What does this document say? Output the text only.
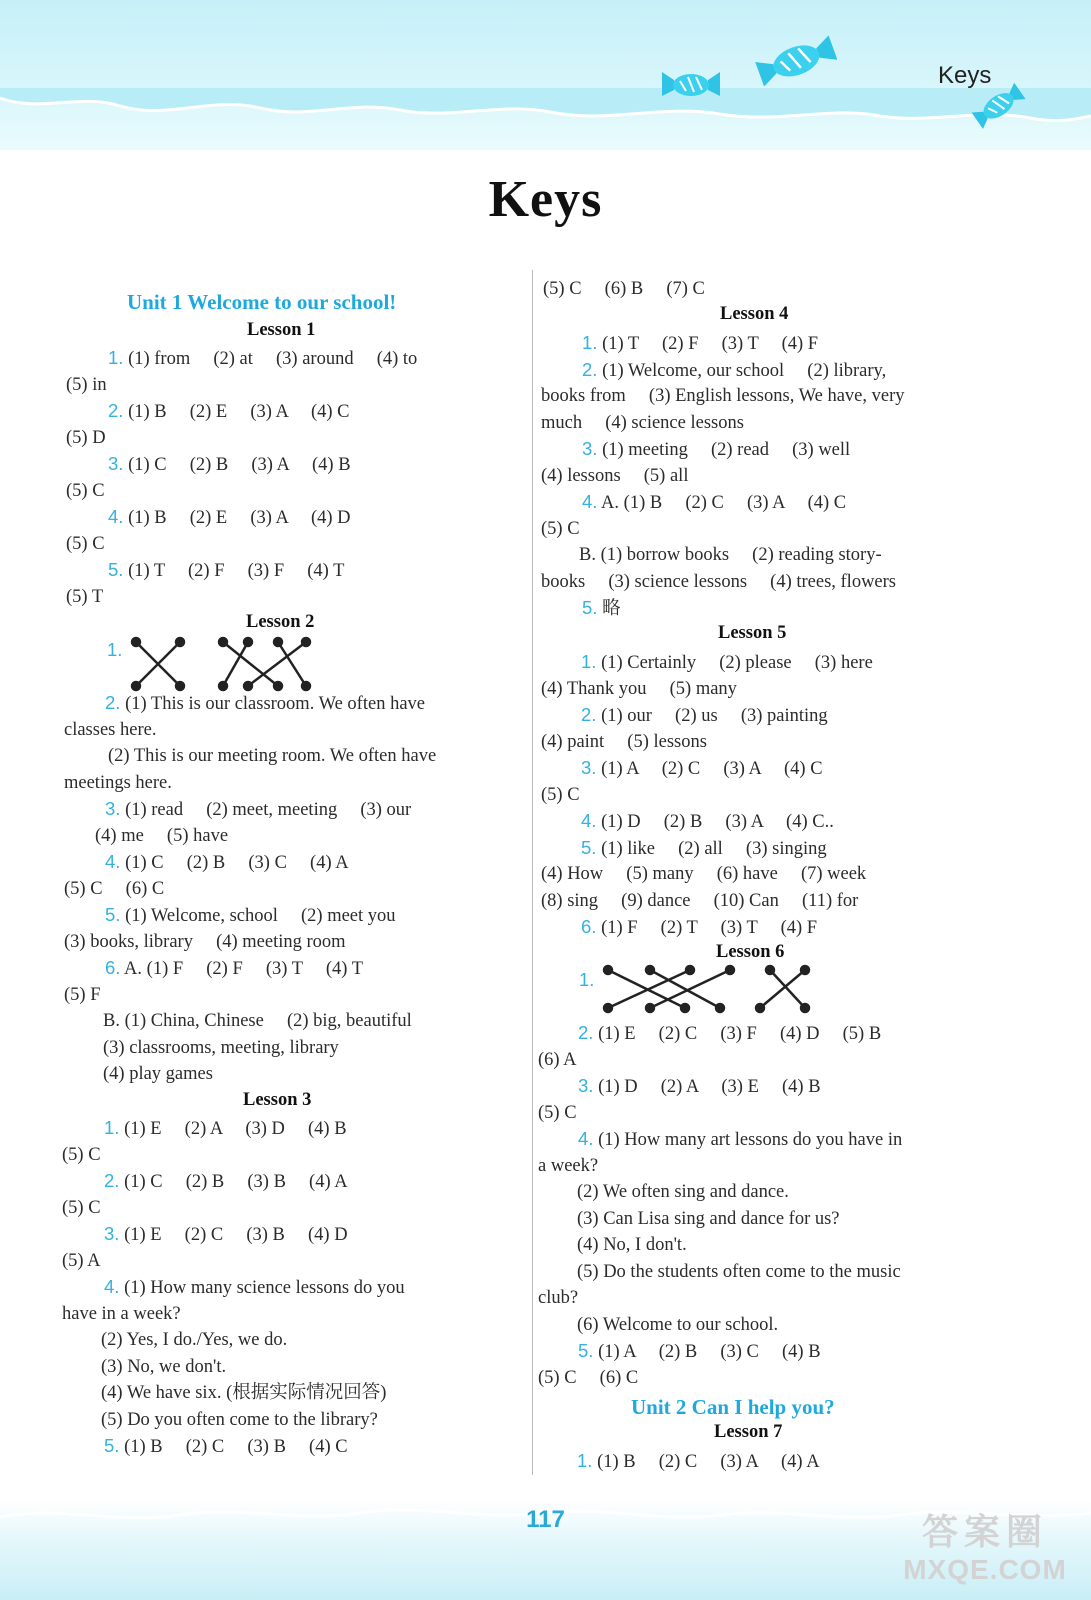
Keys
Keys
Unit 1 Welcome to our school!
Lesson 1
1. (1) from     (2) at     (3) around     (4) to
(5) in
2. (1) B     (2) E     (3) A     (4) C
(5) D
3. (1) C     (2) B     (3) A     (4) B
(5) C
4. (1) B     (2) E     (3) A     (4) D
(5) C
5. (1) T     (2) F     (3) F     (4) T
(5) T
Lesson 2
1.
2. (1) This is our classroom. We often have
classes here.
(2) This is our meeting room. We often have
meetings here.
3. (1) read     (2) meet, meeting     (3) our
(4) me     (5) have
4. (1) C     (2) B     (3) C     (4) A
(5) C     (6) C
5. (1) Welcome, school     (2) meet you
(3) books, library     (4) meeting room
6. A. (1) F     (2) F     (3) T     (4) T
(5) F
B. (1) China, Chinese     (2) big, beautiful
(3) classrooms, meeting, library
(4) play games
Lesson 3
1. (1) E     (2) A     (3) D     (4) B
(5) C
2. (1) C     (2) B     (3) B     (4) A
(5) C
3. (1) E     (2) C     (3) B     (4) D
(5) A
4. (1) How many science lessons do you
have in a week?
(2) Yes, I do./Yes, we do.
(3) No, we don't.
(4) We have six. (根据实际情况回答)
(5) Do you often come to the library?
5. (1) B     (2) C     (3) B     (4) C
(5) C     (6) B     (7) C
Lesson 4
1. (1) T     (2) F     (3) T     (4) F
2. (1) Welcome, our school     (2) library,
books from     (3) English lessons, We have, very
much     (4) science lessons
3. (1) meeting     (2) read     (3) well
(4) lessons     (5) all
4. A. (1) B     (2) C     (3) A     (4) C
(5) C
B. (1) borrow books     (2) reading story-
books     (3) science lessons     (4) trees, flowers
5. 略
Lesson 5
1. (1) Certainly     (2) please     (3) here
(4) Thank you     (5) many
2. (1) our     (2) us     (3) painting
(4) paint     (5) lessons
3. (1) A     (2) C     (3) A     (4) C
(5) C
4. (1) D     (2) B     (3) A     (4) C..
5. (1) like     (2) all     (3) singing
(4) How     (5) many     (6) have     (7) week
(8) sing     (9) dance     (10) Can     (11) for
6. (1) F     (2) T     (3) T     (4) F
Lesson 6
1.
2. (1) E     (2) C     (3) F     (4) D     (5) B
(6) A
3. (1) D     (2) A     (3) E     (4) B
(5) C
4. (1) How many art lessons do you have in
a week?
(2) We often sing and dance.
(3) Can Lisa sing and dance for us?
(4) No, I don't.
(5) Do the students often come to the music
club?
(6) Welcome to our school.
5. (1) A     (2) B     (3) C     (4) B
(5) C     (6) C
Unit 2 Can I help you?
Lesson 7
1. (1) B     (2) C     (3) A     (4) A
117	答案圈
MXQE.COM
